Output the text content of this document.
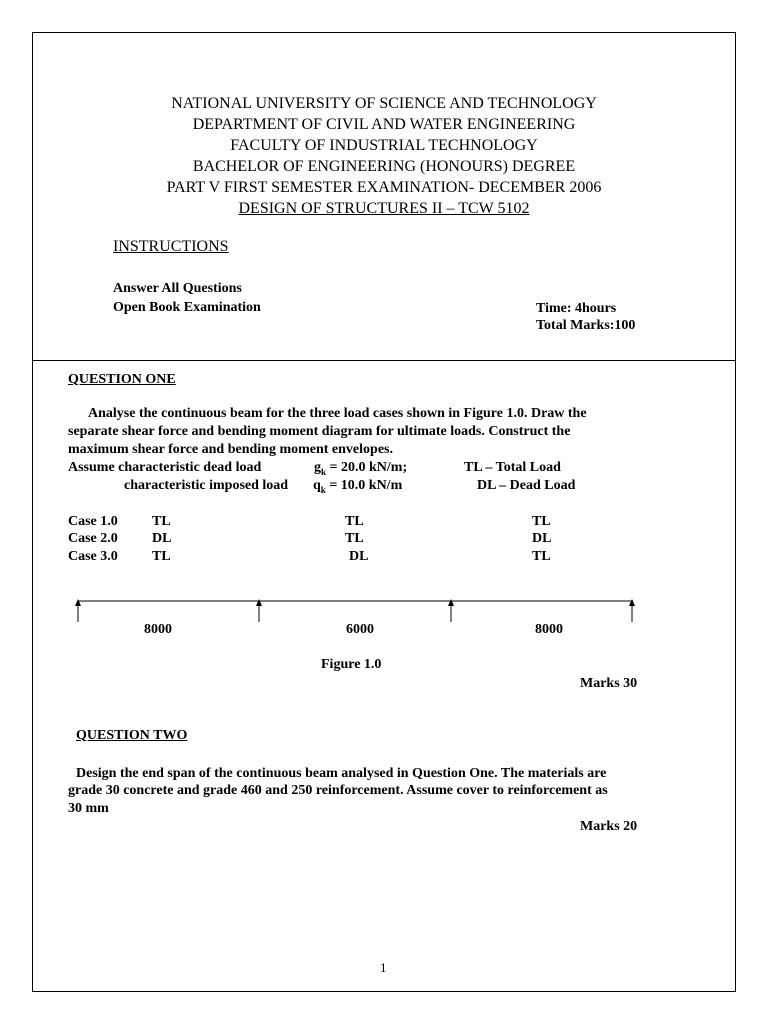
NATIONAL UNIVERSITY OF SCIENCE AND TECHNOLOGY
DEPARTMENT OF CIVIL AND WATER ENGINEERING
FACULTY OF INDUSTRIAL TECHNOLOGY
BACHELOR OF ENGINEERING (HONOURS) DEGREE
PART V FIRST SEMESTER EXAMINATION- DECEMBER 2006
DESIGN OF STRUCTURES II – TCW 5102
INSTRUCTIONS
Answer All Questions
Open Book Examination	Time: 4hours
Total Marks:100
QUESTION ONE
Analyse the continuous beam for the three load cases shown in Figure 1.0. Draw the
separate shear force and bending moment diagram for ultimate loads. Construct the
maximum shear force and bending moment envelopes.
Assume characteristic dead load	$g_k = 20.0$ kN/m;	TL – Total Load
characteristic imposed load $q_k = 10.0$ kN/m	DL – Dead Load
Case 1.0 TL	TL	TL
Case 2.0 DL	TL	DL
Case 3.0 TL	DL	TL
8000	6000	8000
Figure 1.0
Marks 30
QUESTION TWO
Design the end span of the continuous beam analysed in Question One. The materials are
grade 30 concrete and grade 460 and 250 reinforcement. Assume cover to reinforcement as
30 mm
Marks 20
1
